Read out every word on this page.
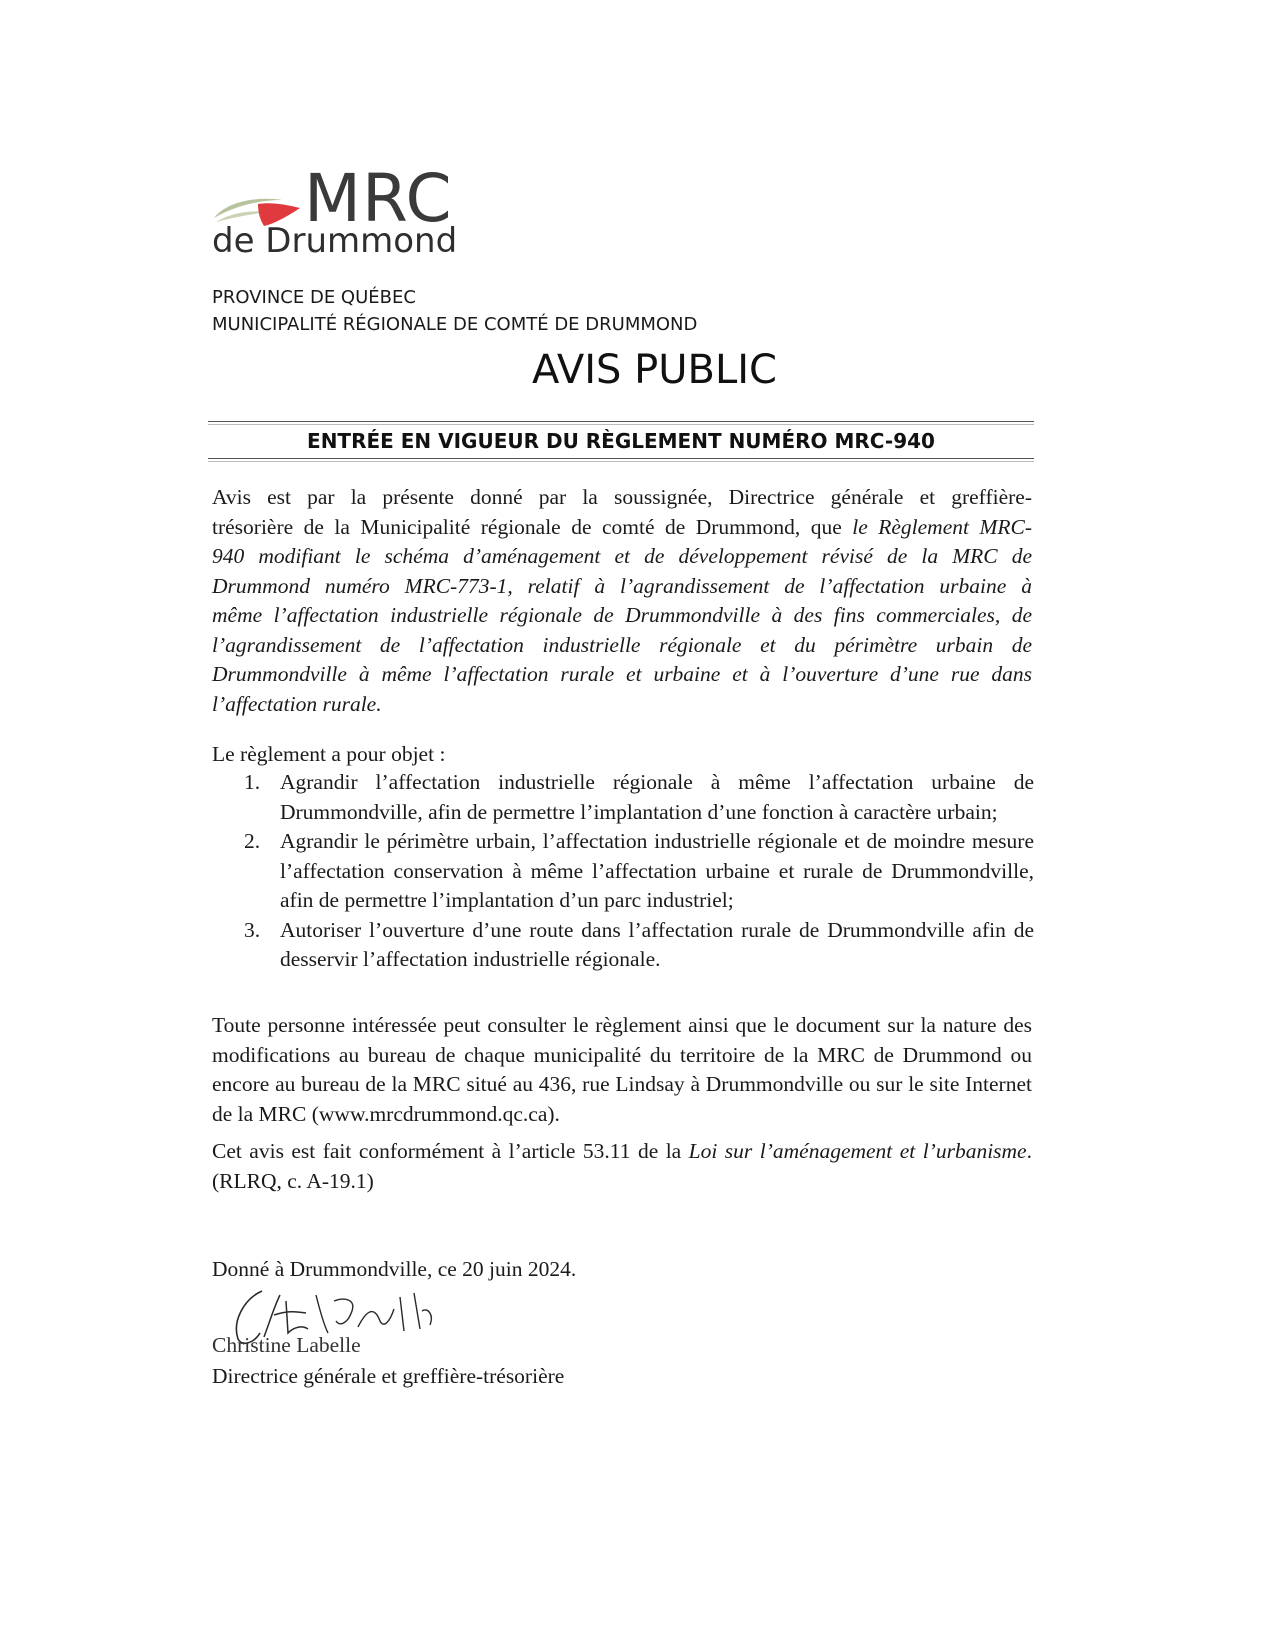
MRC
de Drummond
PROVINCE DE QUÉBEC
MUNICIPALITÉ RÉGIONALE DE COMTÉ DE DRUMMOND
AVIS PUBLIC
ENTRÉE EN VIGUEUR DU RÈGLEMENT NUMÉRO MRC-940
Avis est par la présente donné par la soussignée, Directrice générale et greffière-
trésorière de la Municipalité régionale de comté de Drummond, que le Règlement MRC-
940 modifiant le schéma d’aménagement et de développement révisé de la MRC de
Drummond numéro MRC-773-1, relatif à l’agrandissement de l’affectation urbaine à
même l’affectation industrielle régionale de Drummondville à des fins commerciales, de
l’agrandissement de l’affectation industrielle régionale et du périmètre urbain de
Drummondville à même l’affectation rurale et urbaine et à l’ouverture d’une rue dans
l’affectation rurale.
Le règlement a pour objet :
1. Agrandir l’affectation industrielle régionale à même l’affectation urbaine de Drummondville, afin de permettre l’implantation d’une fonction à caractère urbain;
2. Agrandir le périmètre urbain, l’affectation industrielle régionale et de moindre mesure l’affectation conservation à même l’affectation urbaine et rurale de Drummondville, afin de permettre l’implantation d’un parc industriel;
3. Autoriser l’ouverture d’une route dans l’affectation rurale de Drummondville afin de desservir l’affectation industrielle régionale.
Toute personne intéressée peut consulter le règlement ainsi que le document sur la nature des modifications au bureau de chaque municipalité du territoire de la MRC de Drummond ou encore au bureau de la MRC situé au 436, rue Lindsay à Drummondville ou sur le site Internet de la MRC (www.mrcdrummond.qc.ca).
Cet avis est fait conformément à l’article 53.11 de la Loi sur l’aménagement et l’urbanisme. (RLRQ, c. A-19.1)
Donné à Drummondville, ce 20 juin 2024.
Christine Labelle
Directrice générale et greffière-trésorière
